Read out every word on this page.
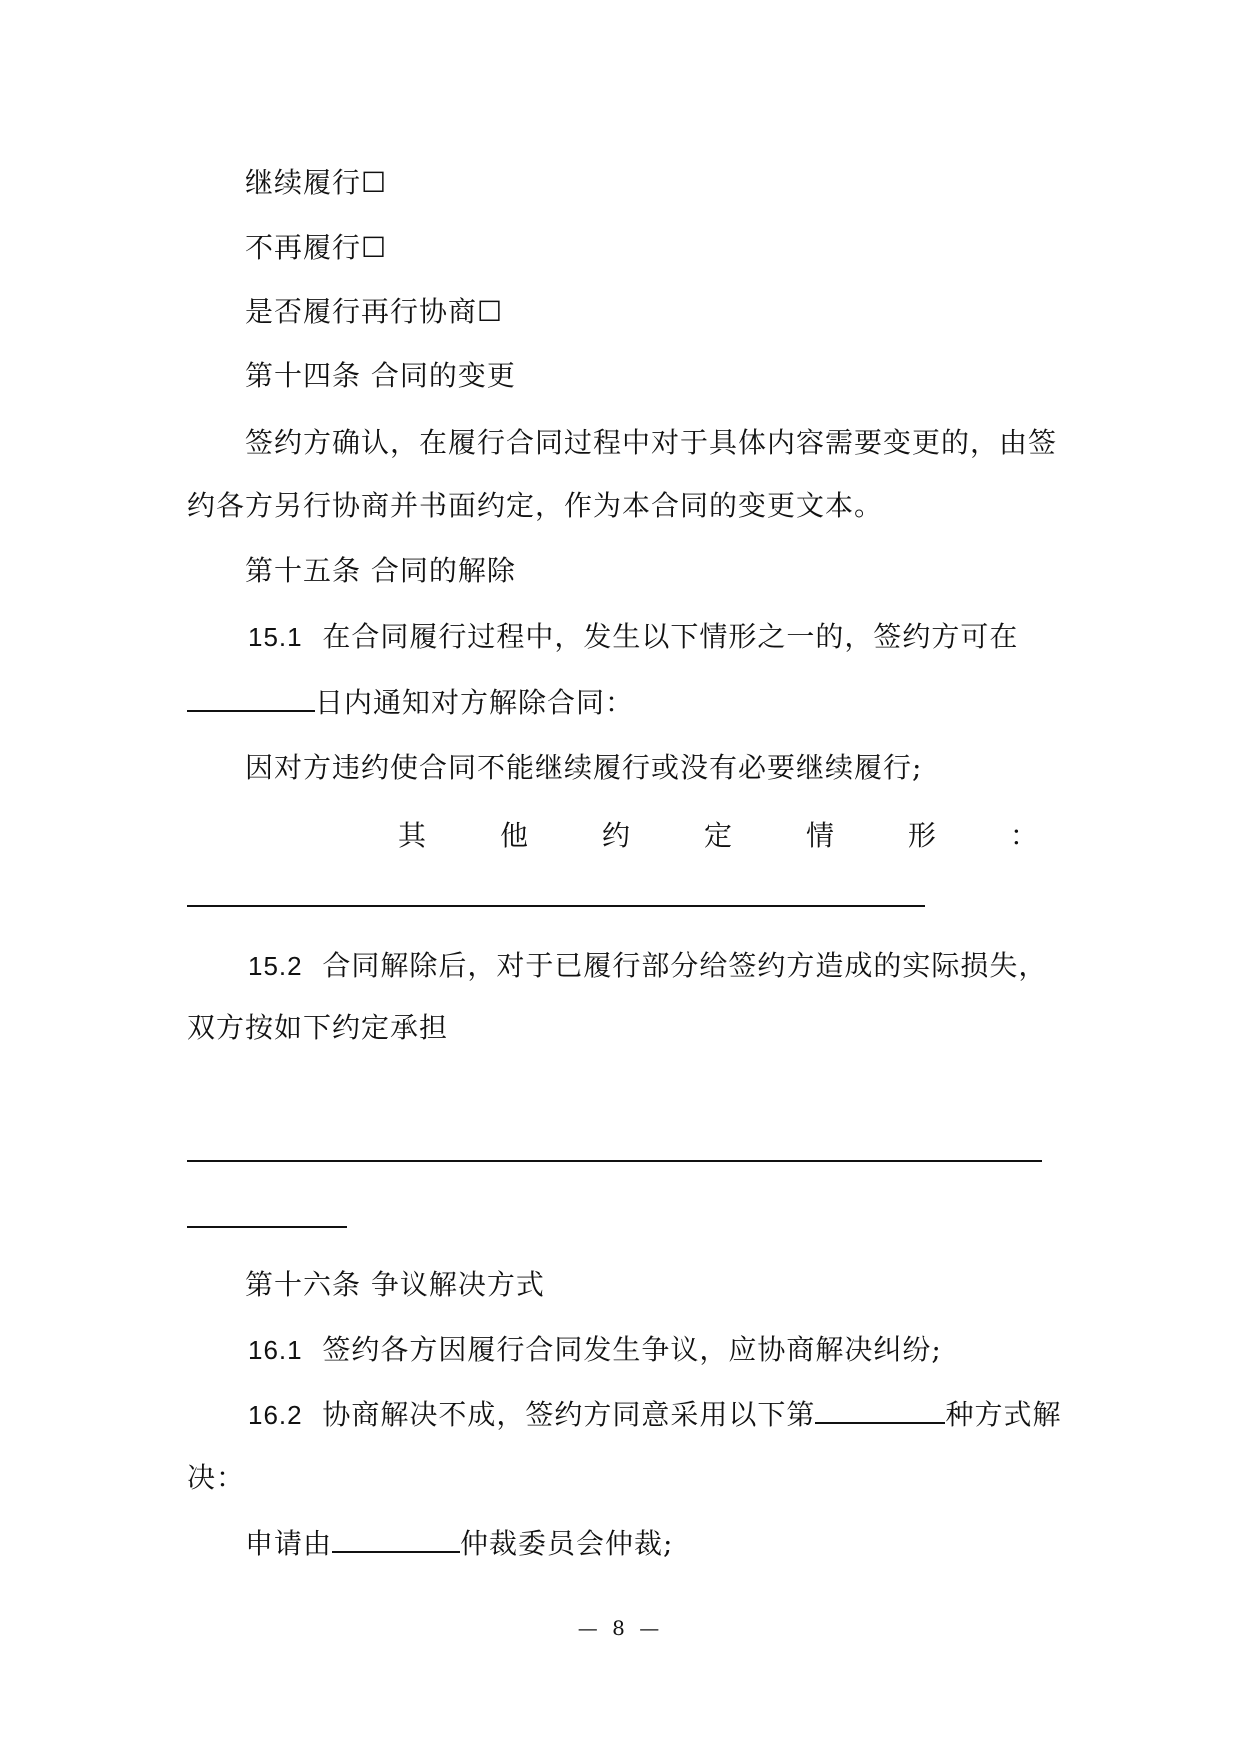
继续履行☐
不再履行☐
是否履行再行协商☐
第十四条 合同的变更
签约方确认，在履行合同过程中对于具体内容需要变更的，由签
约各方另行协商并书面约定，作为本合同的变更文本。
第十五条 合同的解除
15.1 在合同履行过程中，发生以下情形之一的，签约方可在
日内通知对方解除合同：
因对方违约使合同不能继续履行或没有必要继续履行;
其	他	约	定	情	形	：
15.2 合同解除后，对于已履行部分给签约方造成的实际损失，
双方按如下约定承担
第十六条 争议解决方式
16.1 签约各方因履行合同发生争议，应协商解决纠纷;
16.2 协商解决不成，签约方同意采用以下第	种方式解
决：
申请由	仲裁委员会仲裁;
— 8 —
